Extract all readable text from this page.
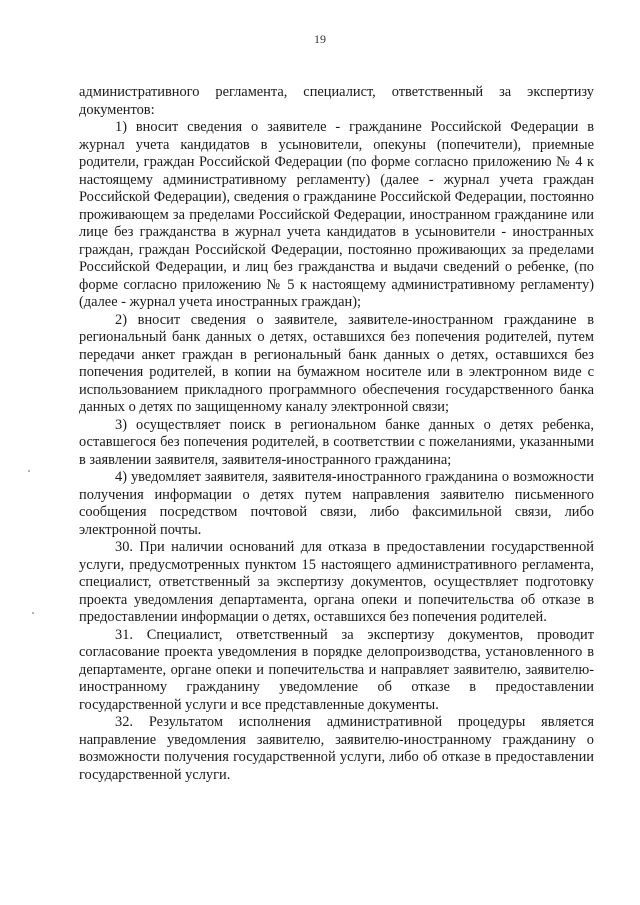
19

административного регламента, специалист, ответственный за экспертизу документов:

1) вносит сведения о заявителе - гражданине Российской Федерации в журнал учета кандидатов в усыновители, опекуны (попечители), приемные родители, граждан Российской Федерации (по форме согласно приложению № 4 к настоящему административному регламенту) (далее - журнал учета граждан Российской Федерации), сведения о гражданине Российской Федерации, постоянно проживающем за пределами Российской Федерации, иностранном гражданине или лице без гражданства в журнал учета кандидатов в усыновители - иностранных граждан, граждан Российской Федерации, постоянно проживающих за пределами Российской Федерации, и лиц без гражданства и выдачи сведений о ребенке, (по форме согласно приложению № 5 к настоящему административному регламенту) (далее - журнал учета иностранных граждан);

2) вносит сведения о заявителе, заявителе-иностранном гражданине в региональный банк данных о детях, оставшихся без попечения родителей, путем передачи анкет граждан в региональный банк данных о детях, оставшихся без попечения родителей, в копии на бумажном носителе или в электронном виде с использованием прикладного программного обеспечения государственного банка данных о детях по защищенному каналу электронной связи;

3) осуществляет поиск в региональном банке данных о детях ребенка, оставшегося без попечения родителей, в соответствии с пожеланиями, указанными в заявлении заявителя, заявителя-иностранного гражданина;

4) уведомляет заявителя, заявителя-иностранного гражданина о возможности получения информации о детях путем направления заявителю письменного сообщения посредством почтовой связи, либо факсимильной связи, либо электронной почты.

30. При наличии оснований для отказа в предоставлении государственной услуги, предусмотренных пунктом 15 настоящего административного регламента, специалист, ответственный за экспертизу документов, осуществляет подготовку проекта уведомления департамента, органа опеки и попечительства об отказе в предоставлении информации о детях, оставшихся без попечения родителей.

31. Специалист, ответственный за экспертизу документов, проводит согласование проекта уведомления в порядке делопроизводства, установленного в департаменте, органе опеки и попечительства и направляет заявителю, заявителю-иностранному гражданину уведомление об отказе в предоставлении государственной услуги и все представленные документы.

32. Результатом исполнения административной процедуры является направление уведомления заявителю, заявителю-иностранному гражданину о возможности получения государственной услуги, либо об отказе в предоставлении государственной услуги.
